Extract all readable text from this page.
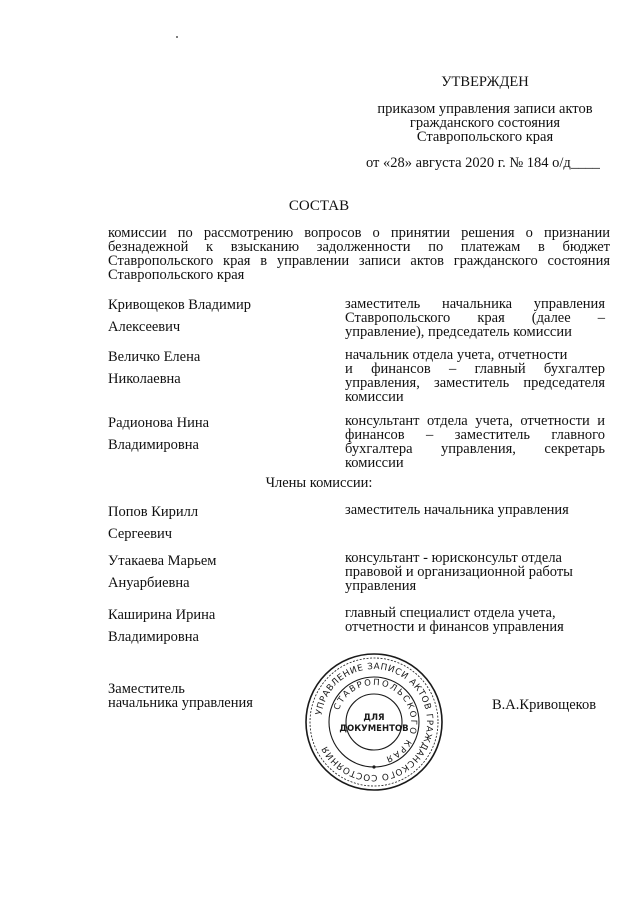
УТВЕРЖДЕН
приказом управления записи актов
гражданского состояния
Ставропольского края
от «28» августа 2020 г. № 184 о/д____
СОСТАВ
комиссии по рассмотрению вопросов о принятии решения о признании
безнадежной к взысканию задолженности по платежам в бюджет
Ставропольского края в управлении записи актов гражданского состояния
Ставропольского края
Кривощеков Владимир
Алексеевич
заместитель начальника управления
Ставропольского края (далее –
управление), председатель комиссии
Величко Елена
Николаевна
начальник отдела учета, отчетности
и финансов – главный бухгалтер
управления, заместитель председателя
комиссии
Радионова Нина
Владимировна
консультант отдела учета, отчетности и
финансов – заместитель главного
бухгалтера управления, секретарь
комиссии
Члены комиссии:
Попов Кирилл
Сергеевич
заместитель начальника управления
Утакаева Марьем
Ануарбиевна
консультант - юрисконсульт отдела
правовой и организационной работы
управления
Каширина Ирина
Владимировна
главный специалист отдела учета,
отчетности и финансов управления
Заместитель
начальника управления	В.А.Кривощеков
УПРАВЛЕНИЕ ЗАПИСИ АКТОВ ГРАЖДАНСКОГО СОСТОЯНИЯ
СТАВРОПОЛЬСКОГО КРАЯ
ДЛЯ
ДОКУМЕНТОВ
